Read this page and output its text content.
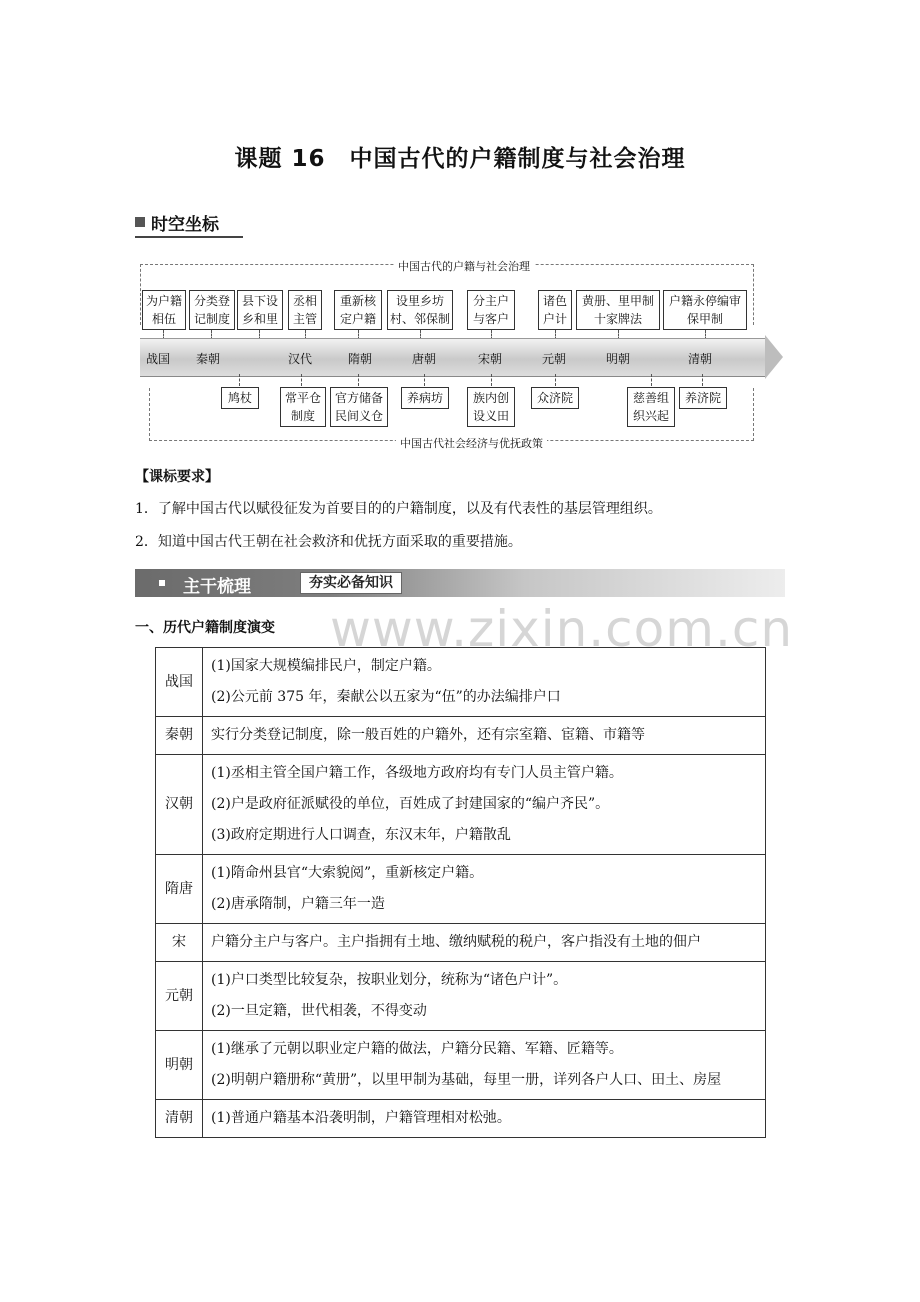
课题 16　中国古代的户籍制度与社会治理
时空坐标
中国古代的户籍与社会治理
中国古代社会经济与优抚政策
为户籍
相伍
分类登
记制度
县下设
乡和里
丞相
主管
重新核
定户籍
设里乡坊
村、邻保制
分主户
与客户
诸色
户计
黄册、里甲制
十家牌法
户籍永停编审
保甲制
战国 秦朝	汉代	隋朝	唐朝	宋朝	元朝	明朝	清朝
鸠杖	常平仓
制度
官方储备
民间义仓
养病坊 族内创
设义田
众济院	慈善组
织兴起
养济院
【课标要求】
1．了解中国古代以赋役征发为首要目的的户籍制度，以及有代表性的基层管理组织。
2．知道中国古代王朝在社会救济和优抚方面采取的重要措施。
主干梳理	夯实必备知识
www.zixin.com.cn
一、历代户籍制度演变
战国	(1)国家大规模编排民户，制定户籍。
(2)公元前 375 年，秦献公以五家为“伍”的办法编排户口

秦朝	实行分类登记制度，除一般百姓的户籍外，还有宗室籍、宦籍、市籍等

汉朝	(1)丞相主管全国户籍工作，各级地方政府均有专门人员主管户籍。
(2)户是政府征派赋役的单位，百姓成了封建国家的“编户齐民”。
(3)政府定期进行人口调查，东汉末年，户籍散乱

隋唐	(1)隋命州县官“大索貌阅”，重新核定户籍。
(2)唐承隋制，户籍三年一造

宋	户籍分主户与客户。主户指拥有土地、缴纳赋税的税户，客户指没有土地的佃户

元朝	(1)户口类型比较复杂，按职业划分，统称为“诸色户计”。
(2)一旦定籍，世代相袭，不得变动

明朝	(1)继承了元朝以职业定户籍的做法，户籍分民籍、军籍、匠籍等。
(2)明朝户籍册称“黄册”，以里甲制为基础，每里一册，详列各户人口、田土、房屋

清朝	(1)普通户籍基本沿袭明制，户籍管理相对松弛。
